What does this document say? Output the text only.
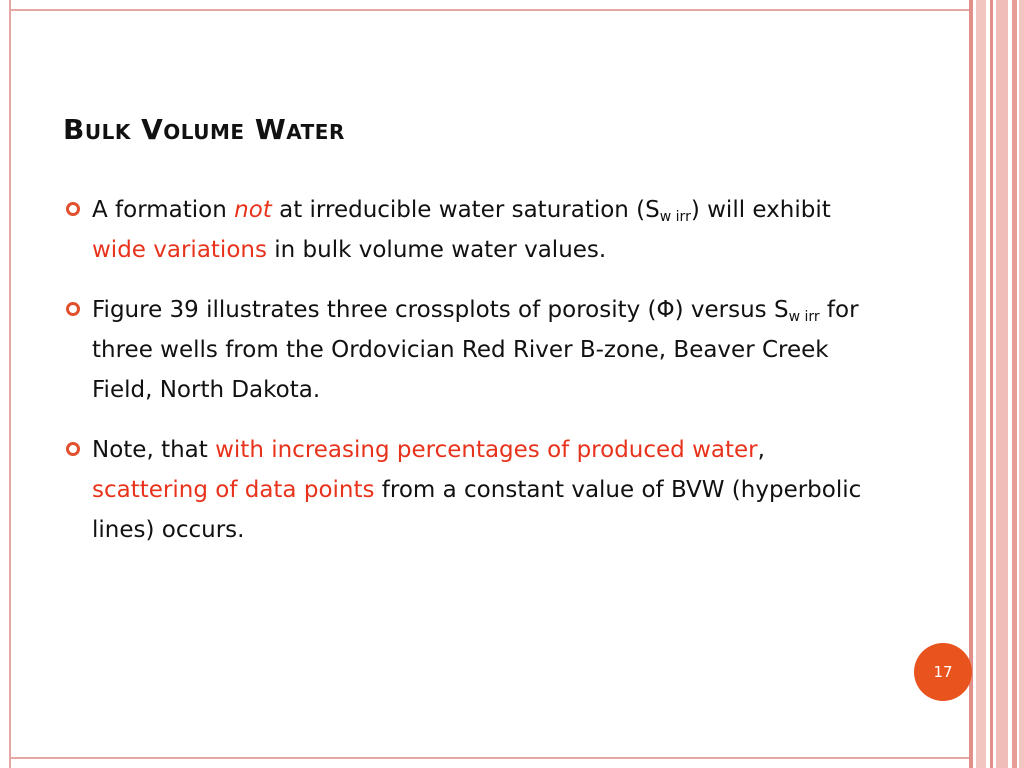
Bulk Volume Water
A formation not at irreducible water saturation $(S_{w irr})$ will exhibit wide variations in bulk volume water values.
Figure 39 illustrates three crossplots of porosity (Φ) versus $S_{w irr}$ for three wells from the Ordovician Red River B-zone, Beaver Creek Field, North Dakota.
Note, that with increasing percentages of produced water, scattering of data points from a constant value of BVW (hyperbolic lines) occurs.
17
